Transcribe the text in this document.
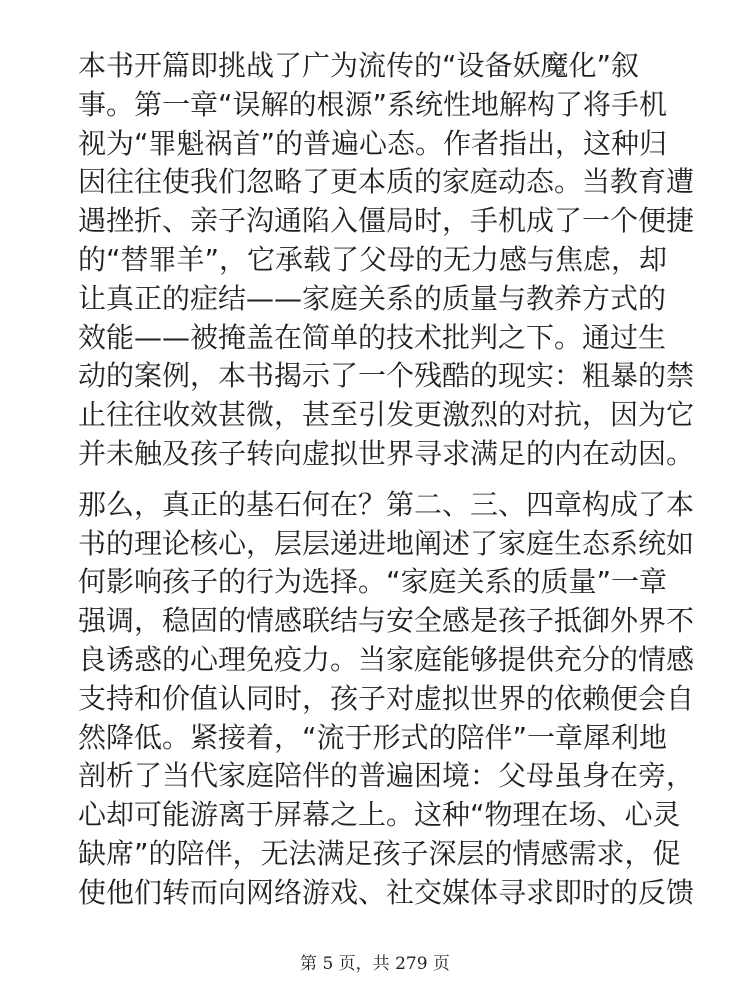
本书开篇即挑战了广为流传的“设备妖魔化”叙
事。第一章“误解的根源”系统性地解构了将手机
视为“罪魁祸首”的普遍心态。作者指出，这种归
因往往使我们忽略了更本质的家庭动态。当教育遭
遇挫折、亲子沟通陷入僵局时，手机成了一个便捷
的“替罪羊”，它承载了父母的无力感与焦虑，却
让真正的症结——家庭关系的质量与教养方式的
效能——被掩盖在简单的技术批判之下。通过生
动的案例，本书揭示了一个残酷的现实：粗暴的禁
止往往收效甚微，甚至引发更激烈的对抗，因为它
并未触及孩子转向虚拟世界寻求满足的内在动因。

那么，真正的基石何在？第二、三、四章构成了本
书的理论核心，层层递进地阐述了家庭生态系统如
何影响孩子的行为选择。“家庭关系的质量”一章
强调，稳固的情感联结与安全感是孩子抵御外界不
良诱惑的心理免疫力。当家庭能够提供充分的情感
支持和价值认同时，孩子对虚拟世界的依赖便会自
然降低。紧接着，“流于形式的陪伴”一章犀利地
剖析了当代家庭陪伴的普遍困境：父母虽身在旁，
心却可能游离于屏幕之上。这种“物理在场、心灵
缺席”的陪伴，无法满足孩子深层的情感需求，促
使他们转而向网络游戏、社交媒体寻求即时的反馈

第 5 页，共 279 页
